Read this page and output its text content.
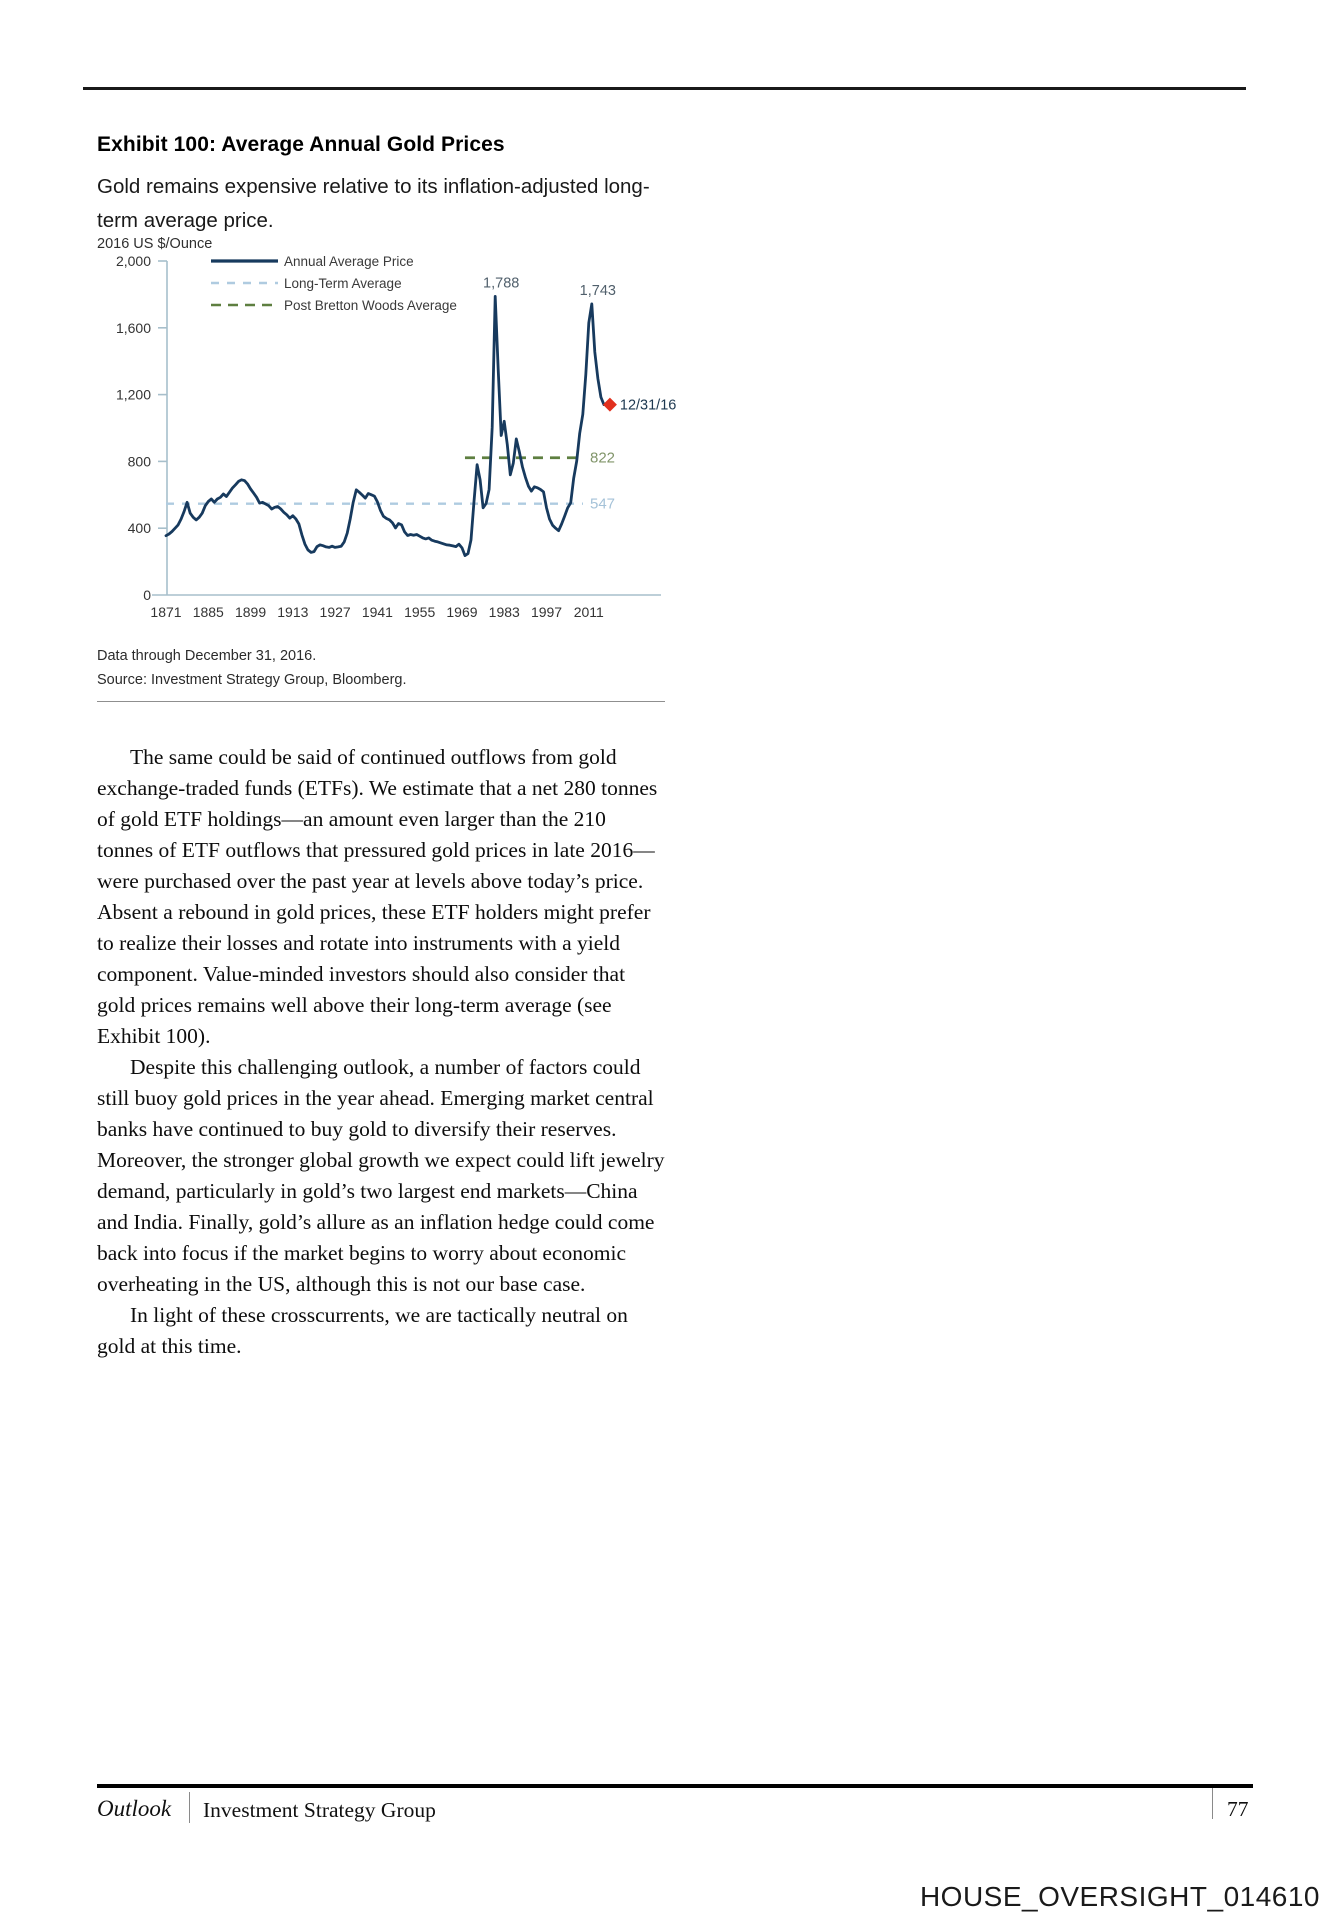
Exhibit 100: Average Annual Gold Prices

Gold remains expensive relative to its inflation-adjusted long-term average price.

2016 US $/Ounce
0
400
800
1,200
1,600
2,000
1871 1885 1899 1913 1927 1941 1955 1969 1983 1997 2011
547
822
1,788	1,743
12/31/16
Annual Average Price
Long-Term Average
Post Bretton Woods Average

Data through December 31, 2016.

Source: Investment Strategy Group, Bloomberg.

The same could be said of continued outflows from gold exchange-traded funds (ETFs). We estimate that a net 280 tonnes of gold ETF holdings—an amount even larger than the 210 tonnes of ETF outflows that pressured gold prices in late 2016—were purchased over the past year at levels above today’s price. Absent a rebound in gold prices, these ETF holders might prefer to realize their losses and rotate into instruments with a yield component. Value-minded investors should also consider that gold prices remains well above their long-term average (see Exhibit 100).

Despite this challenging outlook, a number of factors could still buoy gold prices in the year ahead. Emerging market central banks have continued to buy gold to diversify their reserves. Moreover, the stronger global growth we expect could lift jewelry demand, particularly in gold’s two largest end markets—China and India. Finally, gold’s allure as an inflation hedge could come back into focus if the market begins to worry about economic overheating in the US, although this is not our base case.

In light of these crosscurrents, we are tactically neutral on gold at this time.

Outlook Investment Strategy Group	77
HOUSE_OVERSIGHT_014610
